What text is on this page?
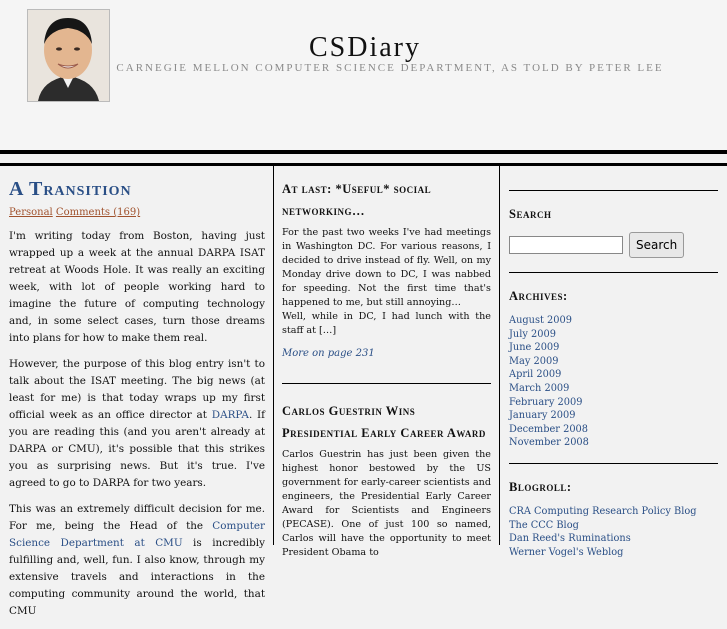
CSDiary
CARNEGIE MELLON COMPUTER SCIENCE DEPARTMENT, AS TOLD BY PETER LEE
A Transition
Personal Comments (169)

I'm writing today from Boston, having just wrapped up a week at the annual DARPA ISAT retreat at Woods Hole. It was really an exciting week, with lot of people working hard to imagine the future of computing technology and, in some select cases, turn those dreams into plans for how to make them real.

However, the purpose of this blog entry isn't to talk about the ISAT meeting. The big news (at least for me) is that today wraps up my first official week as an office director at DARPA. If you are reading this (and you aren't already at DARPA or CMU), it's possible that this strikes you as surprising news. But it's true. I've agreed to go to DARPA for two years.

This was an extremely difficult decision for me. For me, being the Head of the Computer Science Department at CMU is incredibly fulfilling and, well, fun. I also know, through my extensive travels and interactions in the computing community around the world, that CMU

At last: *Useful* social networking…

For the past two weeks I've had meetings in Washington DC. For various reasons, I decided to drive instead of fly. Well, on my Monday drive down to DC, I was nabbed for speeding. Not the first time that's happened to me, but still annoying…

Well, while in DC, I had lunch with the staff at […]

More on page 231
Carlos Guestrin Wins Presidential Early Career Award

Carlos Guestrin has just been given the highest honor bestowed by the US government for early-career scientists and engineers, the Presidential Early Career Award for Scientists and Engineers (PECASE). One of just 100 so named, Carlos will have the opportunity to meet President Obama to

Search
Search
Archives:
August 2009
July 2009
June 2009
May 2009
April 2009
March 2009
February 2009
January 2009
December 2008
November 2008
Blogroll:
CRA Computing Research Policy Blog
The CCC Blog
Dan Reed's Ruminations
Werner Vogel's Weblog
